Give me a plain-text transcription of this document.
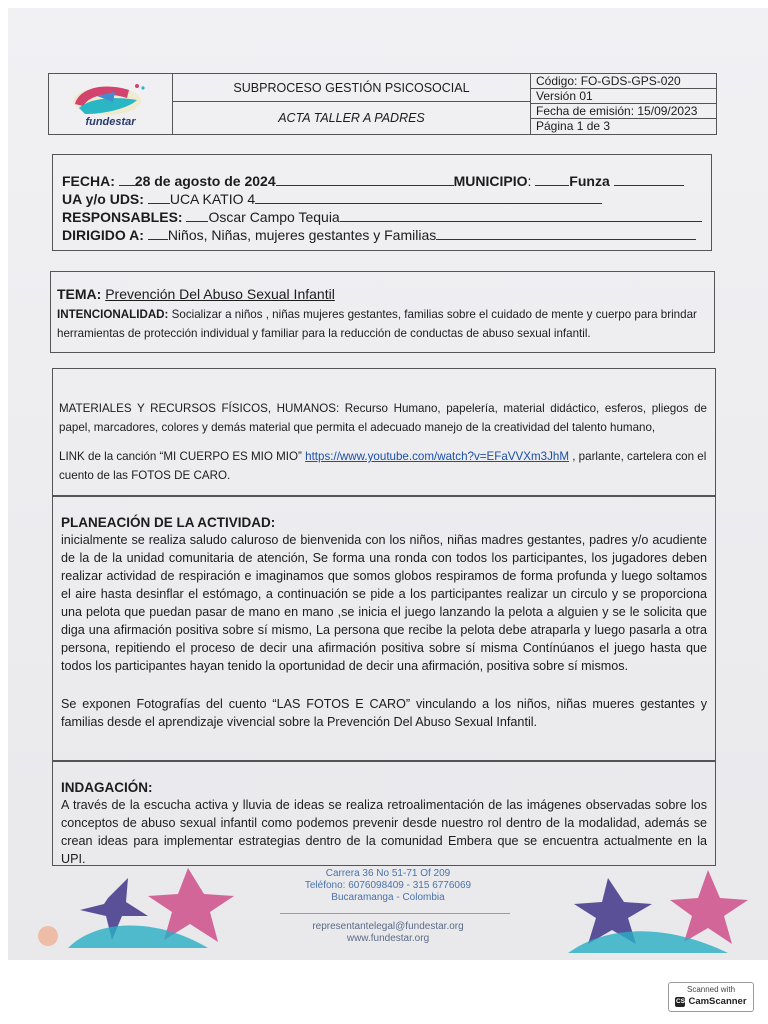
fundestar
SUBPROCESO GESTIÓN PSICOSOCIAL
ACTA TALLER A PADRES
Código: FO-GDS-GPS-020
Versión 01
Fecha de emisión: 15/09/2023
Página 1 de 3
FECHA: 28 de agosto de 2024	MUNICIPIO: Funza
UA y/o UDS: UCA KATIO 4
RESPONSABLES: Oscar Campo Tequia
DIRIGIDO A: Niños, Niñas, mujeres gestantes y Familias
TEMA: Prevención Del Abuso Sexual Infantil
INTENCIONALIDAD: Socializar a niños , niñas mujeres gestantes, familias sobre el cuidado de mente y cuerpo para brindar herramientas de protección individual y familiar para la reducción de conductas de abuso sexual infantil.

MATERIALES Y RECURSOS FÍSICOS, HUMANOS: Recurso Humano, papelería, material didáctico, esferos, pliegos de papel, marcadores, colores y demás material que permita el adecuado manejo de la creatividad del talento humano,

LINK de la canción “MI CUERPO ES MIO MIO” https://www.youtube.com/watch?v=EFaVVXm3JhM , parlante, cartelera con el cuento de las FOTOS DE CARO.

PLANEACIÓN DE LA ACTIVIDAD:
inicialmente se realiza saludo caluroso de bienvenida con los niños, niñas madres gestantes, padres y/o acudiente de la de la unidad comunitaria de atención, Se forma una ronda con todos los participantes, los jugadores deben realizar actividad de respiración e imaginamos que somos globos respiramos de forma profunda y luego soltamos el aire hasta desinflar el estómago, a continuación se pide a los participantes realizar un circulo y se proporciona una pelota que puedan pasar de mano en mano ,se inicia el juego lanzando la pelota a alguien y se le solicita que diga una afirmación positiva sobre sí mismo, La persona que recibe la pelota debe atraparla y luego pasarla a otra persona, repitiendo el proceso de decir una afirmación positiva sobre sí misma Contínúanos el juego hasta que todos los participantes hayan tenido la oportunidad de decir una afirmación, positiva sobre sí mismos.
Se exponen Fotografías del cuento “LAS FOTOS E CARO” vinculando a los niños, niñas mueres gestantes y familias desde el aprendizaje vivencial sobre la Prevención Del Abuso Sexual Infantil.
INDAGACIÓN:
A través de la escucha activa y lluvia de ideas se realiza retroalimentación de las imágenes observadas sobre los conceptos de abuso sexual infantil como podemos prevenir desde nuestro rol dentro de la modalidad, además se crean ideas para implementar estrategias dentro de la comunidad Embera que se encuentra actualmente en la UPI.
Carrera 36 No 51-71 Of 209
Teléfono: 6076098409 - 315 6776069
Bucaramanga - Colombia
representantelegal@fundestar.org
www.fundestar.org
Scanned with
CS CamScanner
